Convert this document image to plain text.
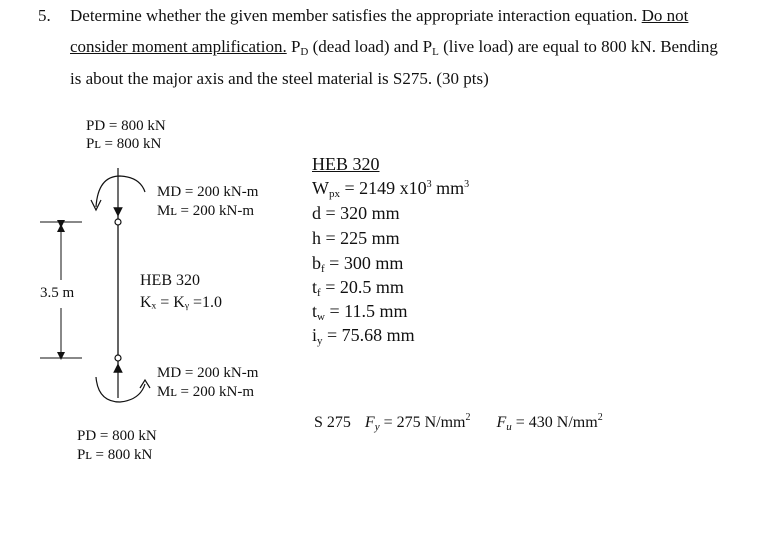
5. Determine whether the given member satisfies the appropriate interaction equation. Do not
consider moment amplification. $P_D$ (dead load) and $P_L$ (live load) are equal to 800 kN. Bending
is about the major axis and the steel material is S275. (30 pts)
PD = 800 kN
Pʟ = 800 kN
MD = 200 kN-m
Mʟ = 200 kN-m
3.5 m
HEB 320
Kₓ = Kᵧ =1.0
MD = 200 kN-m
Mʟ = 200 kN-m
PD = 800 kN
Pʟ = 800 kN
HEB 320
$W_{px} = 2149$ $x10^3$ $mm^3$
d = 320 mm
h = 225 mm
$b_f = 300$ mm
$t_f = 20.5$ mm
$t_w = 11.5$ mm
$i_y = 75.68$ mm
S 275 $F_y = 275$ $N/mm^2$ $F_u = 430$ $N/mm^2$
